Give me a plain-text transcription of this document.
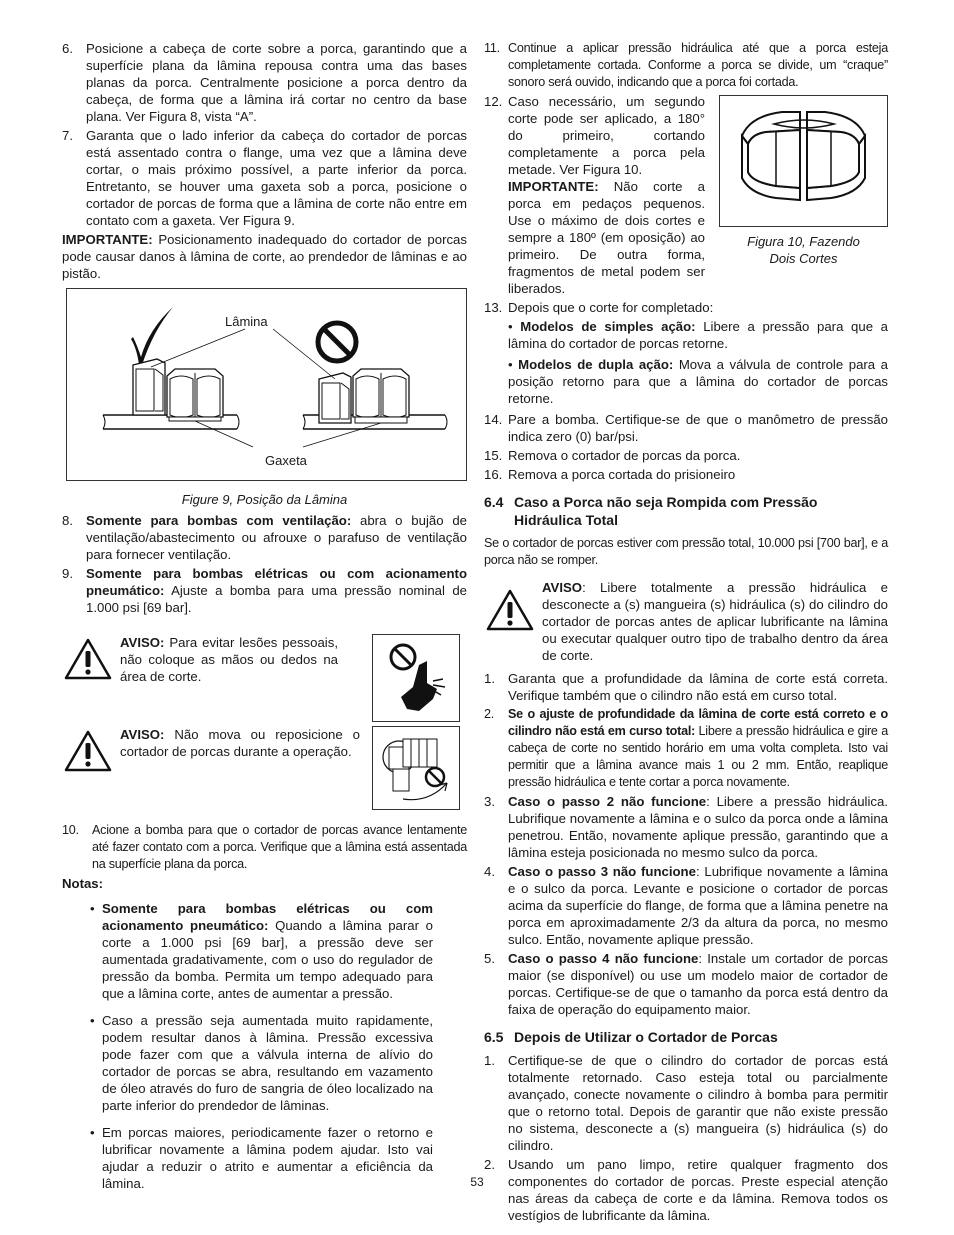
6. Posicione a cabeça de corte sobre a porca, garantindo que a superfície plana da lâmina repousa contra uma das bases planas da porca. Centralmente posicione a porca dentro da cabeça, de forma que a lâmina irá cortar no centro da base plana. Ver Figura 8, vista “A”.
7. Garanta que o lado inferior da cabeça do cortador de porcas está assentado contra o flange, uma vez que a lâmina deve cortar, o mais próximo possível, a parte inferior da porca. Entretanto, se houver uma gaxeta sob a porca, posicione o cortador de porcas de forma que a lâmina de corte não entre em contato com a gaxeta. Ver Figura 9.

IMPORTANTE: Posicionamento inadequado do cortador de porcas pode causar danos à lâmina de corte, ao prendedor de lâminas e ao pistão.

Lâmina
Gaxeta
Figure 9, Posição da Lâmina
8. Somente para bombas com ventilação: abra o bujão de ventilação/abastecimento ou afrouxe o parafuso de ventilação para fornecer ventilação.
9. Somente para bombas elétricas ou com acionamento pneumático: Ajuste a bomba para uma pressão nominal de 1.000 psi [69 bar].

AVISO: Para evitar lesões pessoais, não coloque as mãos ou dedos na área de corte.

AVISO: Não mova ou reposicione o cortador de porcas durante a operação.

10.	Acione a bomba para que o cortador de porcas avance lentamente até fazer contato com a porca. Verifique que a lâmina está assentada na superfície plana da porca.

Notas:

• Somente para bombas elétricas ou com acionamento pneumático: Quando a lâmina parar o corte a 1.000 psi [69 bar], a pressão deve ser aumentada gradativamente, com o uso do regulador de pressão da bomba. Permita um tempo adequado para que a lâmina corte, antes de aumentar a pressão.
• Caso a pressão seja aumentada muito rapidamente, podem resultar danos à lâmina. Pressão excessiva pode fazer com que a válvula interna de alívio do cortador de porcas se abra, resultando em vazamento de óleo através do furo de sangria de óleo localizado na parte inferior do prendedor de lâminas.
• Em porcas maiores, periodicamente fazer o retorno e lubrificar novamente a lâmina podem ajudar. Isto vai ajudar a reduzir o atrito e aumentar a eficiência da lâmina.
11. Continue a aplicar pressão hidráulica até que a porca esteja completamente cortada. Conforme a porca se divide, um “craque” sonoro será ouvido, indicando que a porca foi cortada.
12. Caso necessário, um segundo corte pode ser aplicado, a 180° do primeiro, cortando completamente a porca pela metade. Ver Figura 10.
IMPORTANTE: Não corte a porca em pedaços pequenos. Use o máximo de dois cortes e sempre a 180º (em oposição) ao primeiro. De outra forma, fragmentos de metal podem ser liberados.
Figura 10, Fazendo
Dois Cortes
13. Depois que o corte for completado:

• Modelos de simples ação: Libere a pressão para que a lâmina do cortador de porcas retorne.

• Modelos de dupla ação: Mova a válvula de controle para a posição retorno para que a lâmina do cortador de porcas retorne.

14. Pare a bomba. Certifique-se de que o manômetro de pressão indica zero (0) bar/psi.
15. Remova o cortador de porcas da porca.
16. Remova a porca cortada do prisioneiro
6.4 Caso a Porca não seja Rompida com Pressão Hidráulica Total

Se o cortador de porcas estiver com pressão total, 10.000 psi [700 bar], e a porca não se romper.

AVISO: Libere totalmente a pressão hidráulica e desconecte a (s) mangueira (s) hidráulica (s) do cilindro do cortador de porcas antes de aplicar lubrificante na lâmina ou executar qualquer outro tipo de trabalho dentro da área de corte.

1. Garanta que a profundidade da lâmina de corte está correta. Verifique também que o cilindro não está em curso total.
2.	Se o ajuste de profundidade da lâmina de corte está correto e o cilindro não está em curso total: Libere a pressão hidráulica e gire a cabeça de corte no sentido horário em uma volta completa. Isto vai permitir que a lâmina avance mais 1 ou 2 mm. Então, reaplique pressão hidráulica e tente cortar a porca novamente.
3. Caso o passo 2 não funcione: Libere a pressão hidráulica. Lubrifique novamente a lâmina e o sulco da porca onde a lâmina penetrou. Então, novamente aplique pressão, garantindo que a lâmina esteja posicionada no mesmo sulco da porca.
4. Caso o passo 3 não funcione: Lubrifique novamente a lâmina e o sulco da porca. Levante e posicione o cortador de porcas acima da superfície do flange, de forma que a lâmina penetre na porca em aproximadamente 2/3 da altura da porca, no mesmo sulco. Então, novamente aplique pressão.
5. Caso o passo 4 não funcione: Instale um cortador de porcas maior (se disponível) ou use um modelo maior de cortador de porcas. Certifique-se de que o tamanho da porca está dentro da faixa de operação do equipamento maior.
6.5 Depois de Utilizar o Cortador de Porcas
1. Certifique-se de que o cilindro do cortador de porcas está totalmente retornado. Caso esteja total ou parcialmente avançado, conecte novamente o cilindro à bomba para permitir que o retorno total. Depois de garantir que não existe pressão no sistema, desconecte a (s) mangueira (s) hidráulica (s) do cilindro.
2. Usando um pano limpo, retire qualquer fragmento dos componentes do cortador de porcas. Preste especial atenção nas áreas da cabeça de corte e da lâmina. Remova todos os vestígios de lubrificante da lâmina.
53
